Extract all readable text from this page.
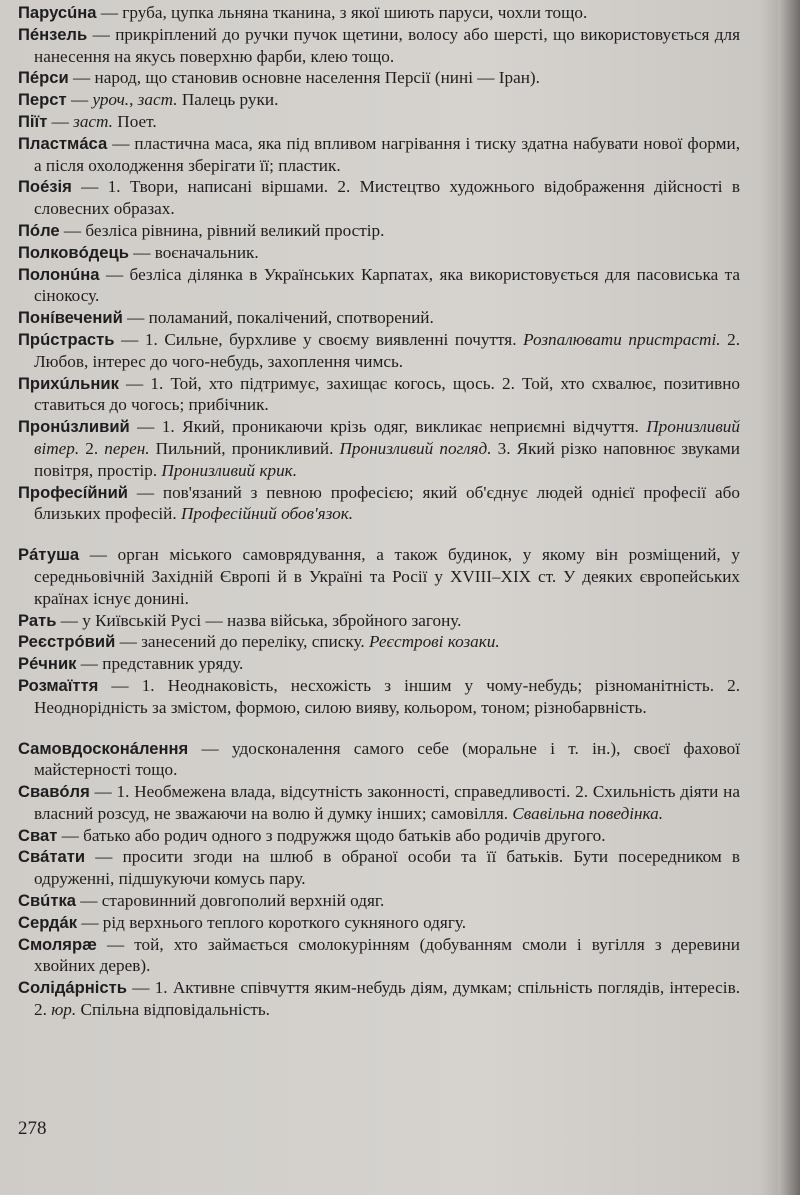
Парусúна — груба, цупка льняна тканина, з якої шиють паруси, чохли тощо.

Пéнзель — прикріплений до ручки пучок щетини, волосу або шерсті, що використовується для нанесення на якусь поверхню фарби, клею тощо.

Пéрси — народ, що становив основне населення Персії (нині — Іран).

Перст — уроч., заст. Палець руки.

Піїт — заст. Поет.

Пластмáса — пластична маса, яка під впливом нагрівання і тиску здатна набувати нової форми, а після охолодження зберігати її; пластик.

Поéзія — 1. Твори, написані віршами. 2. Мистецтво художнього відображення дійсності в словесних образах.

Пóле — безліса рівнина, рівний великий простір.

Полковóдець — воєначальник.

Полонúна — безліса ділянка в Українських Карпатах, яка використовується для пасовиська та сінокосу.

Понíвечений — поламаний, покалічений, спотворений.

Прúстрасть — 1. Сильне, бурхливе у своєму виявленні почуття. Розпалювати пристрасті. 2. Любов, інтерес до чого-небудь, захоплення чимсь.

Прихúльник — 1. Той, хто підтримує, захищає когось, щось. 2. Той, хто схвалює, позитивно ставиться до чогось; прибічник.

Пронúзливий — 1. Який, проникаючи крізь одяг, викликає неприємні відчуття. Пронизливий вітер. 2. перен. Пильний, проникливий. Пронизливий погляд. 3. Який різко наповнює звуками повітря, простір. Пронизливий крик.

Професíйний — пов'язаний з певною професією; який об'єднує людей однієї професії або близьких професій. Професійний обов'язок.

Рáтуша — орган міського самоврядування, а також будинок, у якому він розміщений, у середньовічній Західній Європі й в Україні та Росії у XVIII–XIX ст. У деяких європейських країнах існує донині.

Рать — у Київській Русі — назва війська, збройного загону.

Реєстрóвий — занесений до переліку, списку. Реєстрові козаки.

Рéчник — представник уряду.

Розмаїття — 1. Неоднаковість, несхожість з іншим у чому-небудь; різноманітність. 2. Неоднорідність за змістом, формою, силою вияву, кольором, тоном; різнобарвність.

Самовдосконáлення — удосконалення самого себе (моральне і т. ін.), своєї фахової майстерності тощо.

Свавóля — 1. Необмежена влада, відсутність законності, справедливості. 2. Схильність діяти на власний розсуд, не зважаючи на волю й думку інших; самовілля. Свавільна поведінка.

Сват — батько або родич одного з подружжя щодо батьків або родичів другого.

Свáтати — просити згоди на шлюб в обраної особи та її батьків. Бути посередником в одруженні, підшукуючи комусь пару.

Свúтка — старовинний довгополий верхній одяг.

Сердáк — рід верхнього теплого короткого сукняного одягу.

Смолярæ — той, хто займається смолокурінням (добуванням смоли і вугілля з деревини хвойних дерев).

Солідáрність — 1. Активне співчуття яким-небудь діям, думкам; спільність поглядів, інтересів. 2. юр. Спільна відповідальність.

278
